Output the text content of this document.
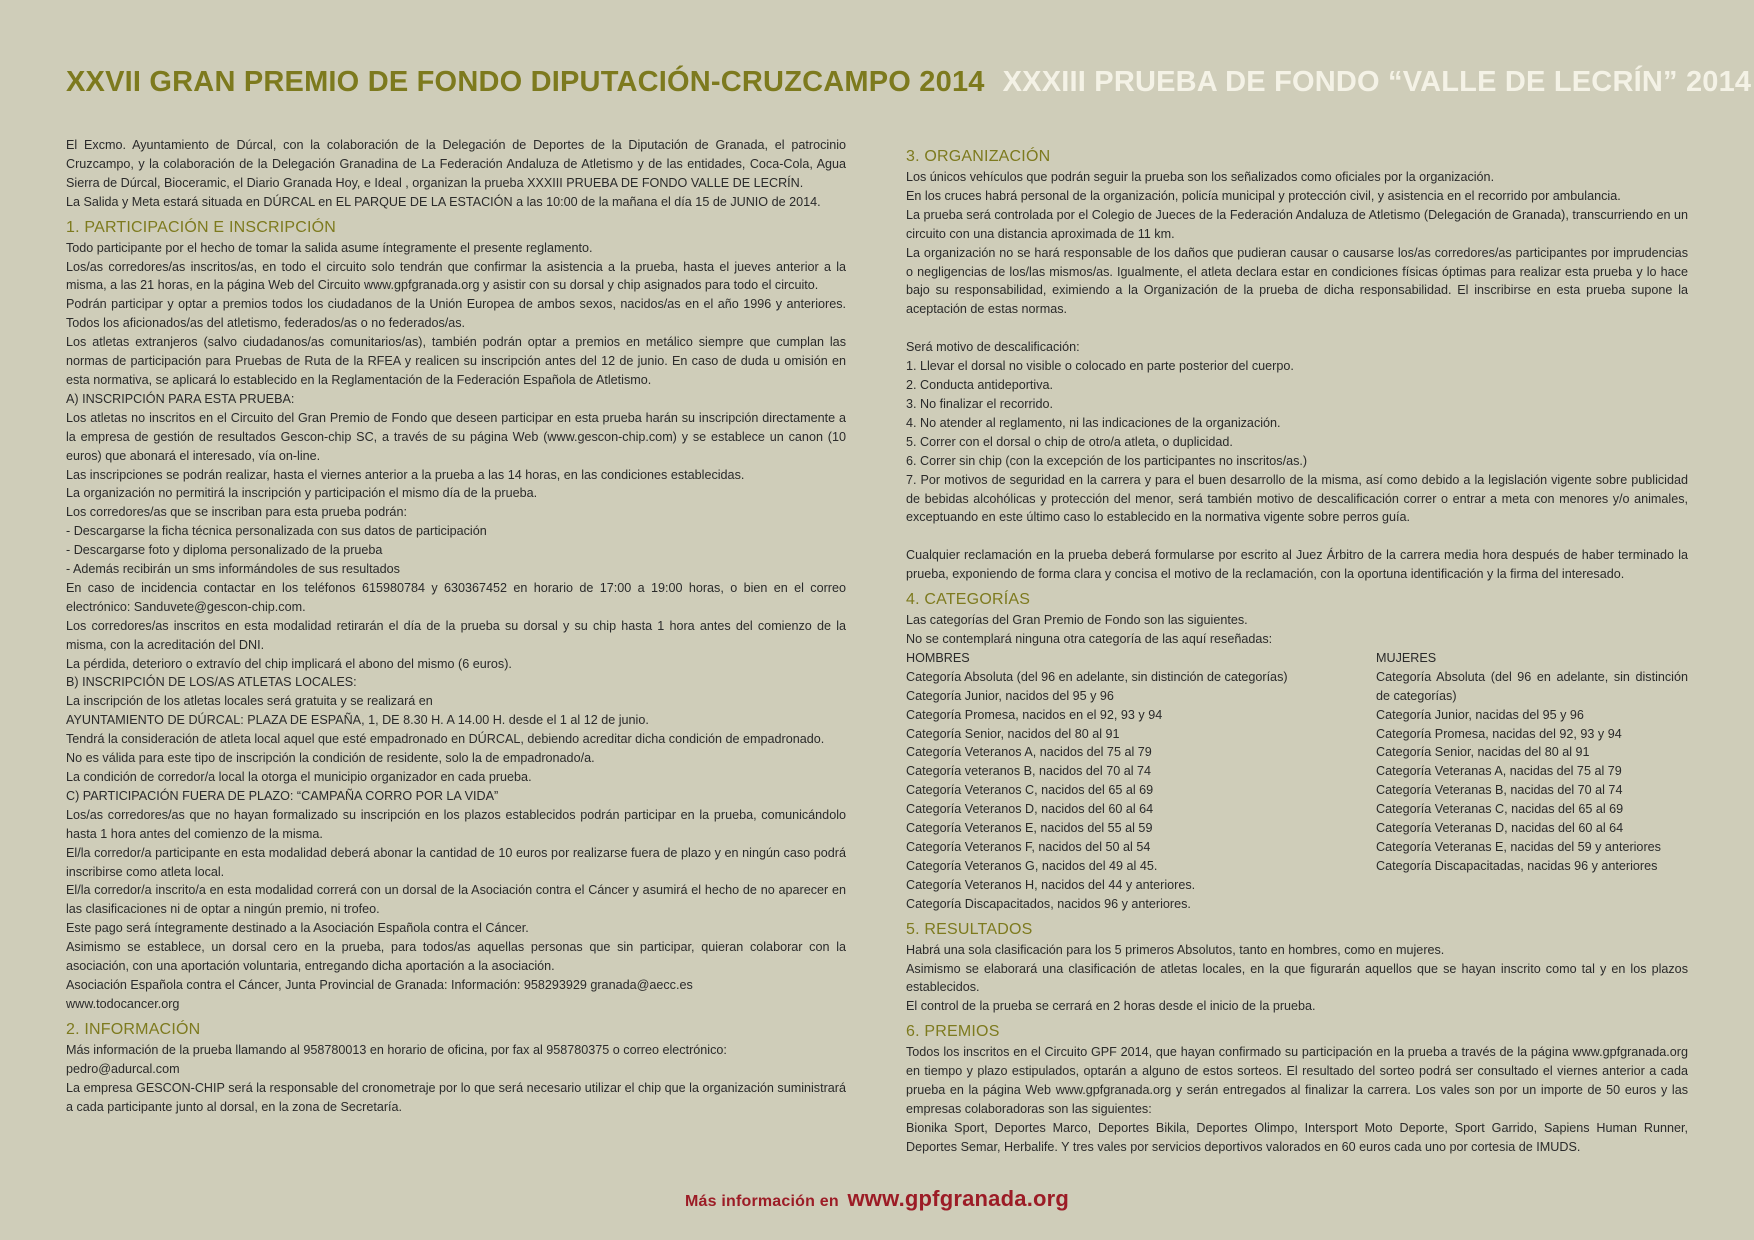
XXVII GRAN PREMIO DE FONDO DIPUTACIÓN-CRUZCAMPO 2014 XXXIII PRUEBA DE FONDO “VALLE DE LECRÍN” 2014

El Excmo. Ayuntamiento de Dúrcal, con la colaboración de la Delegación de Deportes de la Diputación de Granada, el patrocinio Cruzcampo, y la colaboración de la Delegación Granadina de La Federación Andaluza de Atletismo y de las entidades, Coca-Cola, Agua Sierra de Dúrcal, Bioceramic, el Diario Granada Hoy, e Ideal , organizan la prueba XXXIII PRUEBA DE FONDO VALLE DE LECRÍN.

La Salida y Meta estará situada en DÚRCAL en EL PARQUE DE LA ESTACIÓN a las 10:00 de la mañana el día 15 de JUNIO de 2014.

1. PARTICIPACIÓN E INSCRIPCIÓN

Todo participante por el hecho de tomar la salida asume íntegramente el presente reglamento.

Los/as corredores/as inscritos/as, en todo el circuito solo tendrán que confirmar la asistencia a la prueba, hasta el jueves anterior a la misma, a las 21 horas, en la página Web del Circuito www.gpfgranada.org y asistir con su dorsal y chip asignados para todo el circuito.

Podrán participar y optar a premios todos los ciudadanos de la Unión Europea de ambos sexos, nacidos/as en el año 1996 y anteriores. Todos los aficionados/as del atletismo, federados/as o no federados/as.

Los atletas extranjeros (salvo ciudadanos/as comunitarios/as), también podrán optar a premios en metálico siempre que cumplan las normas de participación para Pruebas de Ruta de la RFEA y realicen su inscripción antes del 12 de junio. En caso de duda u omisión en esta normativa, se aplicará lo establecido en la Reglamentación de la Federación Española de Atletismo.

A) INSCRIPCIÓN PARA ESTA PRUEBA:

Los atletas no inscritos en el Circuito del Gran Premio de Fondo que deseen participar en esta prueba harán su inscripción directamente a la empresa de gestión de resultados Gescon-chip SC, a través de su página Web (www.gescon-chip.com) y se establece un canon (10 euros) que abonará el interesado, vía on-line.

Las inscripciones se podrán realizar, hasta el viernes anterior a la prueba a las 14 horas, en las condiciones establecidas.

La organización no permitirá la inscripción y participación el mismo día de la prueba.

Los corredores/as que se inscriban para esta prueba podrán:

- Descargarse la ficha técnica personalizada con sus datos de participación

- Descargarse foto y diploma personalizado de la prueba

- Además recibirán un sms informándoles de sus resultados

En caso de incidencia contactar en los teléfonos 615980784 y 630367452 en horario de 17:00 a 19:00 horas, o bien en el correo electrónico: Sanduvete@gescon-chip.com.

Los corredores/as inscritos en esta modalidad retirarán el día de la prueba su dorsal y su chip hasta 1 hora antes del comienzo de la misma, con la acreditación del DNI.

La pérdida, deterioro o extravío del chip implicará el abono del mismo (6 euros).

B) INSCRIPCIÓN DE LOS/AS ATLETAS LOCALES:

La inscripción de los atletas locales será gratuita y se realizará en

AYUNTAMIENTO DE DÚRCAL: PLAZA DE ESPAÑA, 1, DE 8.30 H. A 14.00 H. desde el 1 al 12 de junio.

Tendrá la consideración de atleta local aquel que esté empadronado en DÚRCAL, debiendo acreditar dicha condición de empadronado.

No es válida para este tipo de inscripción la condición de residente, solo la de empadronado/a.

La condición de corredor/a local la otorga el municipio organizador en cada prueba.

C) PARTICIPACIÓN FUERA DE PLAZO: “CAMPAÑA CORRO POR LA VIDA”

Los/as corredores/as que no hayan formalizado su inscripción en los plazos establecidos podrán participar en la prueba, comunicándolo hasta 1 hora antes del comienzo de la misma.

El/la corredor/a participante en esta modalidad deberá abonar la cantidad de 10 euros por realizarse fuera de plazo y en ningún caso podrá inscribirse como atleta local.

El/la corredor/a inscrito/a en esta modalidad correrá con un dorsal de la Asociación contra el Cáncer y asumirá el hecho de no aparecer en las clasificaciones ni de optar a ningún premio, ni trofeo.

Este pago será íntegramente destinado a la Asociación Española contra el Cáncer.

Asimismo se establece, un dorsal cero en la prueba, para todos/as aquellas personas que sin participar, quieran colaborar con la asociación, con una aportación voluntaria, entregando dicha aportación a la asociación.

Asociación Española contra el Cáncer, Junta Provincial de Granada: Información: 958293929 granada@aecc.es

www.todocancer.org

2. INFORMACIÓN

Más información de la prueba llamando al 958780013 en horario de oficina, por fax al 958780375 o correo electrónico:

pedro@adurcal.com

La empresa GESCON-CHIP será la responsable del cronometraje por lo que será necesario utilizar el chip que la organización suministrará a cada participante junto al dorsal, en la zona de Secretaría.

3. ORGANIZACIÓN

Los únicos vehículos que podrán seguir la prueba son los señalizados como oficiales por la organización.

En los cruces habrá personal de la organización, policía municipal y protección civil, y asistencia en el recorrido por ambulancia.

La prueba será controlada por el Colegio de Jueces de la Federación Andaluza de Atletismo (Delegación de Granada), transcurriendo en un circuito con una distancia aproximada de 11 km.

La organización no se hará responsable de los daños que pudieran causar o causarse los/as corredores/as participantes por imprudencias o negligencias de los/las mismos/as. Igualmente, el atleta declara estar en condiciones físicas óptimas para realizar esta prueba y lo hace bajo su responsabilidad, eximiendo a la Organización de la prueba de dicha responsabilidad. El inscribirse en esta prueba supone la aceptación de estas normas.

Será motivo de descalificación:

1. Llevar el dorsal no visible o colocado en parte posterior del cuerpo.

2. Conducta antideportiva.

3. No finalizar el recorrido.

4. No atender al reglamento, ni las indicaciones de la organización.

5. Correr con el dorsal o chip de otro/a atleta, o duplicidad.

6. Correr sin chip (con la excepción de los participantes no inscritos/as.)

7. Por motivos de seguridad en la carrera y para el buen desarrollo de la misma, así como debido a la legislación vigente sobre publicidad de bebidas alcohólicas y protección del menor, será también motivo de descalificación correr o entrar a meta con menores y/o animales, exceptuando en este último caso lo establecido en la normativa vigente sobre perros guía.

Cualquier reclamación en la prueba deberá formularse por escrito al Juez Árbitro de la carrera media hora después de haber terminado la prueba, exponiendo de forma clara y concisa el motivo de la reclamación, con la oportuna identificación y la firma del interesado.

4. CATEGORÍAS

Las categorías del Gran Premio de Fondo son las siguientes.

No se contemplará ninguna otra categoría de las aquí reseñadas:

HOMBRES

Categoría Absoluta (del 96 en adelante, sin distinción de categorías)

Categoría Junior, nacidos del 95 y 96

Categoría Promesa, nacidos en el 92, 93 y 94

Categoría Senior, nacidos del 80 al 91

Categoría Veteranos A, nacidos del 75 al 79

Categoría veteranos B, nacidos del 70 al 74

Categoría Veteranos C, nacidos del 65 al 69

Categoría Veteranos D, nacidos del 60 al 64

Categoría Veteranos E, nacidos del 55 al 59

Categoría Veteranos F, nacidos del 50 al 54

Categoría Veteranos G, nacidos del 49 al 45.

Categoría Veteranos H, nacidos del 44 y anteriores.

Categoría Discapacitados, nacidos 96 y anteriores.

MUJERES

Categoría Absoluta (del 96 en adelante, sin distinción de categorías)

Categoría Junior, nacidas del 95 y 96

Categoría Promesa, nacidas del 92, 93 y 94

Categoría Senior, nacidas del 80 al 91

Categoría Veteranas A, nacidas del 75 al 79

Categoría Veteranas B, nacidas del 70 al 74

Categoría Veteranas C, nacidas del 65 al 69

Categoría Veteranas D, nacidas del 60 al 64

Categoría Veteranas E, nacidas del 59 y anteriores

Categoría Discapacitadas, nacidas 96 y anteriores

5. RESULTADOS

Habrá una sola clasificación para los 5 primeros Absolutos, tanto en hombres, como en mujeres.

Asimismo se elaborará una clasificación de atletas locales, en la que figurarán aquellos que se hayan inscrito como tal y en los plazos establecidos.

El control de la prueba se cerrará en 2 horas desde el inicio de la prueba.

6. PREMIOS

Todos los inscritos en el Circuito GPF 2014, que hayan confirmado su participación en la prueba a través de la página www.gpfgranada.org en tiempo y plazo estipulados, optarán a alguno de estos sorteos. El resultado del sorteo podrá ser consultado el viernes anterior a cada prueba en la página Web www.gpfgranada.org y serán entregados al finalizar la carrera. Los vales son por un importe de 50 euros y las empresas colaboradoras son las siguientes:

Bionika Sport, Deportes Marco, Deportes Bikila, Deportes Olimpo, Intersport Moto Deporte, Sport Garrido, Sapiens Human Runner, Deportes Semar, Herbalife. Y tres vales por servicios deportivos valorados en 60 euros cada uno por cortesia de IMUDS.

Más información en www.gpfgranada.org
